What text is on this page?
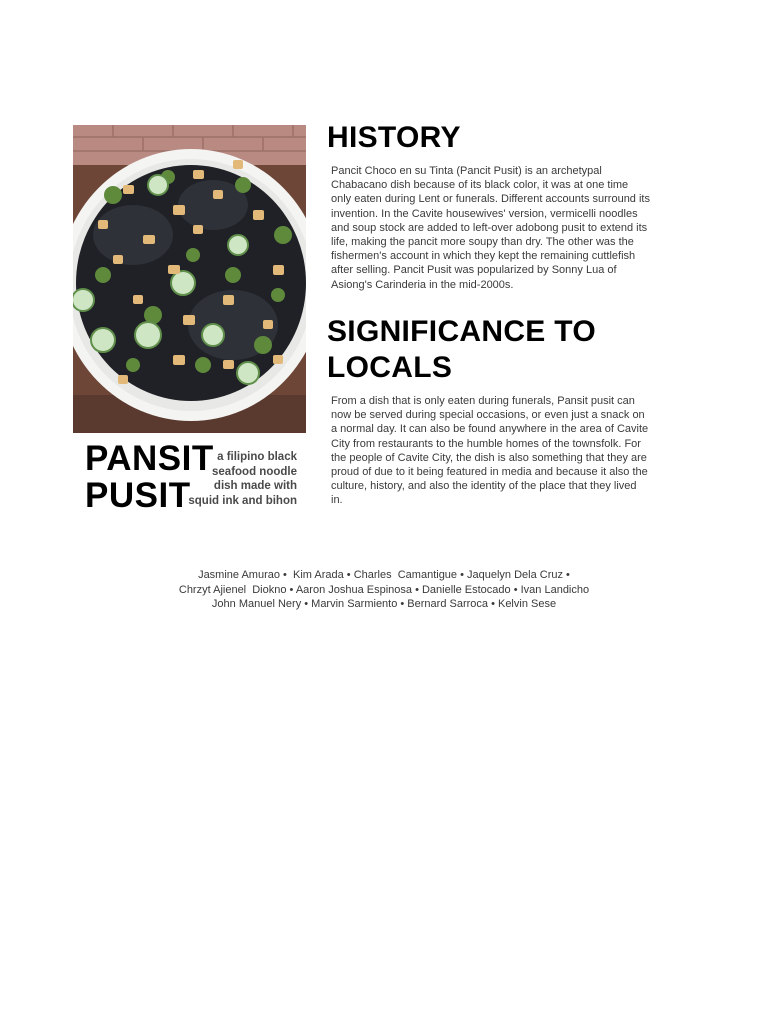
PANSIT
PUSIT
a filipino black seafood noodle dish made with squid ink and bihon
HISTORY
Pancit Choco en su Tinta (Pancit Pusit) is an archetypal Chabacano dish because of its black color, it was at one time only eaten during Lent or funerals. Different accounts surround its invention. In the Cavite housewives' version, vermicelli noodles and soup stock are added to left-over adobong pusit to extend its life, making the pancit more soupy than dry. The other was the fishermen's account in which they kept the remaining cuttlefish after selling. Pancit Pusit was popularized by Sonny Lua of Asiong's Carinderia in the mid-2000s.
SIGNIFICANCE TO LOCALS
From a dish that is only eaten during funerals, Pansit pusit can now be served during special occasions, or even just a snack on a normal day. It can also be found anywhere in the area of Cavite City from restaurants to the humble homes of the townsfolk. For the people of Cavite City, the dish is also something that they are proud of due to it being featured in media and because it also the culture, history, and also the identity of the place that they lived in.
Jasmine Amurao •  Kim Arada • Charles  Camantigue • Jaquelyn Dela Cruz •
Chrzyt Ajienel  Diokno • Aaron Joshua Espinosa • Danielle Estocado • Ivan Landicho
John Manuel Nery • Marvin Sarmiento • Bernard Sarroca • Kelvin Sese
